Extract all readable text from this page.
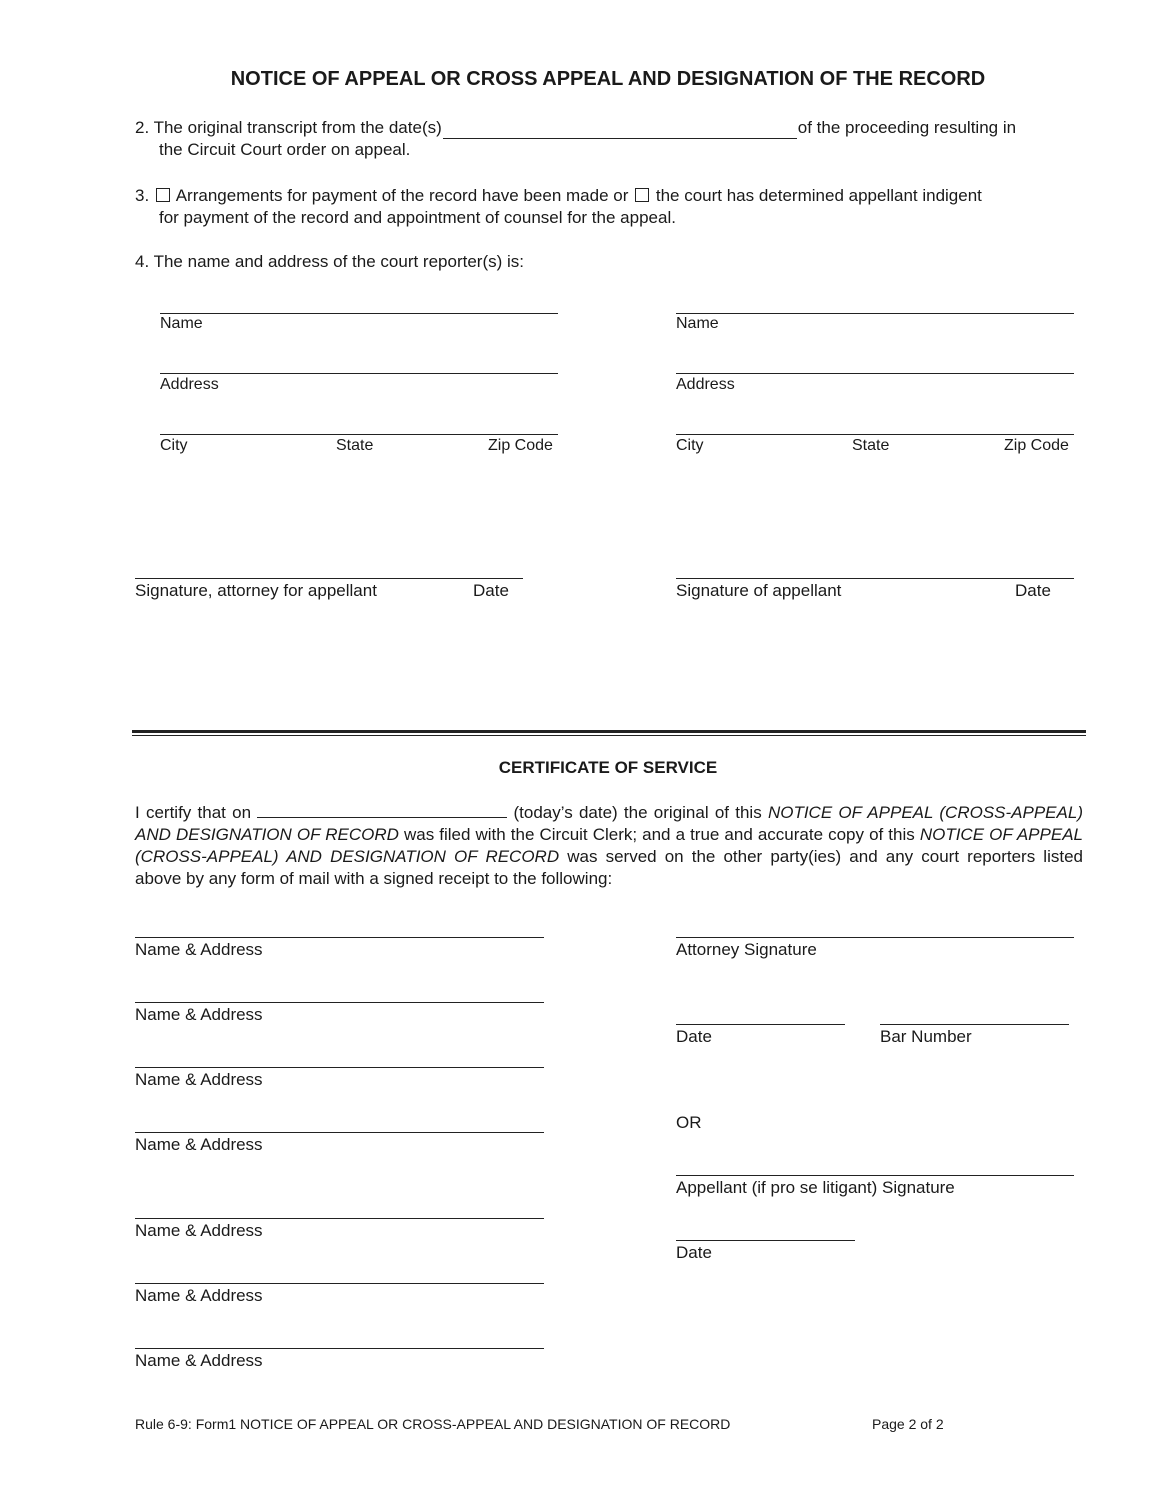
NOTICE OF APPEAL OR CROSS APPEAL AND DESIGNATION OF THE RECORD
2. The original transcript from the date(s)	of the proceeding resulting in
the Circuit Court order on appeal.
3. Arrangements for payment of the record have been made or the court has determined appellant indigent
for payment of the record and appointment of counsel for the appeal.
4. The name and address of the court reporter(s) is:
Name
Address
City	State	Zip Code
Name
Address
City	State	Zip Code
Signature, attorney for appellant	Date	Signature of appellant	Date
CERTIFICATE OF SERVICE
I certify that on	(today’s date) the original of this NOTICE OF APPEAL (CROSS-APPEAL) AND DESIGNATION OF RECORD was filed with the Circuit Clerk; and a true and accurate copy of this NOTICE OF APPEAL (CROSS-APPEAL) AND DESIGNATION OF RECORD was served on the other party(ies) and any court reporters listed above by any form of mail with a signed receipt to the following:
Name & Address
Name & Address
Name & Address
Name & Address
Name & Address
Name & Address
Name & Address
Attorney Signature
Date	Bar Number
OR
Appellant (if pro se litigant) Signature
Date
Rule 6-9: Form1 NOTICE OF APPEAL OR CROSS-APPEAL AND DESIGNATION OF RECORD	Page 2 of 2
